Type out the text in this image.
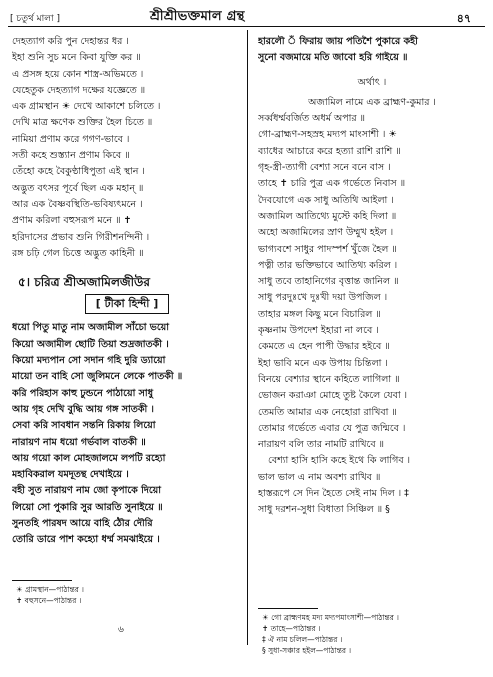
[ চতুর্থ মালা ]	শ্রীশ্রীভক্তমাল গ্রন্থ	৪৭
দেহত্যাগ করি পুন দেহান্তর ধর ।
ইহা শুনি সুচ মনে কিবা যুক্তি কর ॥
এ প্রসঙ্গ হয়ে কোন শাস্ত্র-অভিমতে ।
যেহেতুক দেহত্যাগ দক্ষের যজ্ঞেতে ॥
এক গ্রামস্থান ☀ দেখে আকাশে চলিতে ।
দেখি মাত্র ক্ষণেক শুক্তির হৈল চিতে ॥
নামিয়া প্রণাম করে গগণ-ভাবে ।
সতী কহে শুস্ত্যান প্রণাম কিবে ॥
তেঁহো কহে বৈকুণ্ঠাধিপুতা এই স্থান ।
অদ্ভুত বৎসর পূর্বে ছিল এক মহান্ ॥
আর এক বৈষ্ণবস্থিতি-ভবিষ্যৎমনে ।
প্রণাম করিলা বহুসরূপ মনে ॥ ✝
হরিদাসের প্রভাব শুনি গিরীশনন্দিনী ।
রঙ্গ চঢ়ি গেল চিত্তে অদ্ভুত কাহিনী ॥
৫। চরিত্র শ্রীঅজামিলজীউর
[ টীকা হিন্দী ]
ধয়ো পিতু মাতু নাম অজামীল সাঁচো ভয়ো
কিয়ো অজামীল ছোটি তিয়া শুদ্রজাতকী ।
কিয়ো মদ্যপান সো সদান গহি দুরি ড্যায়ো
মায়ো তন বাহি সো জুলিমনে লেকে পাতকী ॥
করি পরিহাস কাহু ঢুন্ডনে পাঠায়ো সাধু
আয় গৃহ দেখি বুদ্ধি আয় গঙ্গ সাতকী ।
সেবা করি সাবধান সন্তনি রিকায় লিয়ো
নারায়ণ নাম ধয়ো গর্ভবাল বাতকী ॥
আয় গয়ো কাল মোহজালমে লপটি রহ্যো
মহাবিকরাল যমদূতন্থ দেখাইয়ে ।
বহী সুত নারায়ণ নাম জো কৃপাকে দিয়ো
লিয়ো সো পুকারি সুর আরতি সুনাইয়ে ॥
সুনতহি পারষদ আয়ে বাহি ঠৌর দৌরি
তোরি ডারে পাশ কহ্যো ধর্ম্ম সমঝাইয়ে ।
☀ গ্রামস্থান—পাঠান্তর ।
✝ বহুসনে—পাঠান্তর ।
৬
হারলৌ ঁ ফিরায় জায় পতিশৈ পুকারে কহী
সুনো বজমায়ে মতি জাবো হরি গাইয়ে ॥
অর্থাৎ ।
অজামিল নামে এক ব্রাহ্মণ-কুমার ।
সর্ব্বধর্ম্মবর্জিত অধর্ম অপার ॥
গো-ব্রাহ্মণ-সহস্রহ মদ্যপ মাংসাশী । ☀
ব্যাধের আচারে করে হত্যা রাশি রাশি ॥
গৃহ-স্ত্রী-ত্যাগী বেশ্যা সনে বনে বাস ।
তাহে ✝ চারি পুত্র এক গর্ভেতে নিবাস ॥
দৈবযোগে এক সাধু অতিথি আইলা ।
অজামিল আতিথ্যে মুস্টে কহি দিলা ॥
অহো অজামিলের স্রাণ উম্মুখ হইল ।
ভাগ্যবশে সাধুর পাদস্পর্শ খুঁজে হৈল ॥
পত্নী তার ভক্তিভাবে আতিথ্য করিল ।
সাধু তবে তাহানিগের বৃত্তান্ত জানিল ॥
সাধু পরদুঃখে দুঃখী দয়া উপজিল ।
তাহার মঙ্গল কিছু মনে বিচারিল ॥
কৃষ্ণনাম উপদেশ ইহারা না লবে ।
কেমতে এ হেন পাপী উদ্ধার হইবে ॥
ইহা ভাবি মনে এক উপায় চিন্তিলা ।
বিনয়ে বেশ্যার স্থানে কহিতে লাগিলা ॥
ভোজন করাঞা মোহে তুষ্ট কৈলে যেবা ।
তেমতি আমার এক নেহোরা রাখিবা ॥
তোমার গর্ভেতে এবার যে পুত্র জন্মিবে ।
নারায়ণ বলি তার নামটি রাখিবে ॥
বেশ্যা হাসি হাসি কহে ইথে কি লাগিব ।
ভাল ভাল এ নাম অবশ্য রাখিব ॥
হাস্তরূপে সে দিন হৈতে সেই নাম দিল । ‡
সাধু দরশন-সুধা বিধাতা সিঞ্চিল ॥ §
☀ গো ব্রাহ্মণমহ মদ্য মদ্যপমাংসাশী—পাঠান্তর ।
✝ তাহে—পাঠান্তর ।
‡ ঐ নাম চলিল—পাঠান্তর ।
§ সুধা-সঞ্চার হইল—পাঠান্তর ।
